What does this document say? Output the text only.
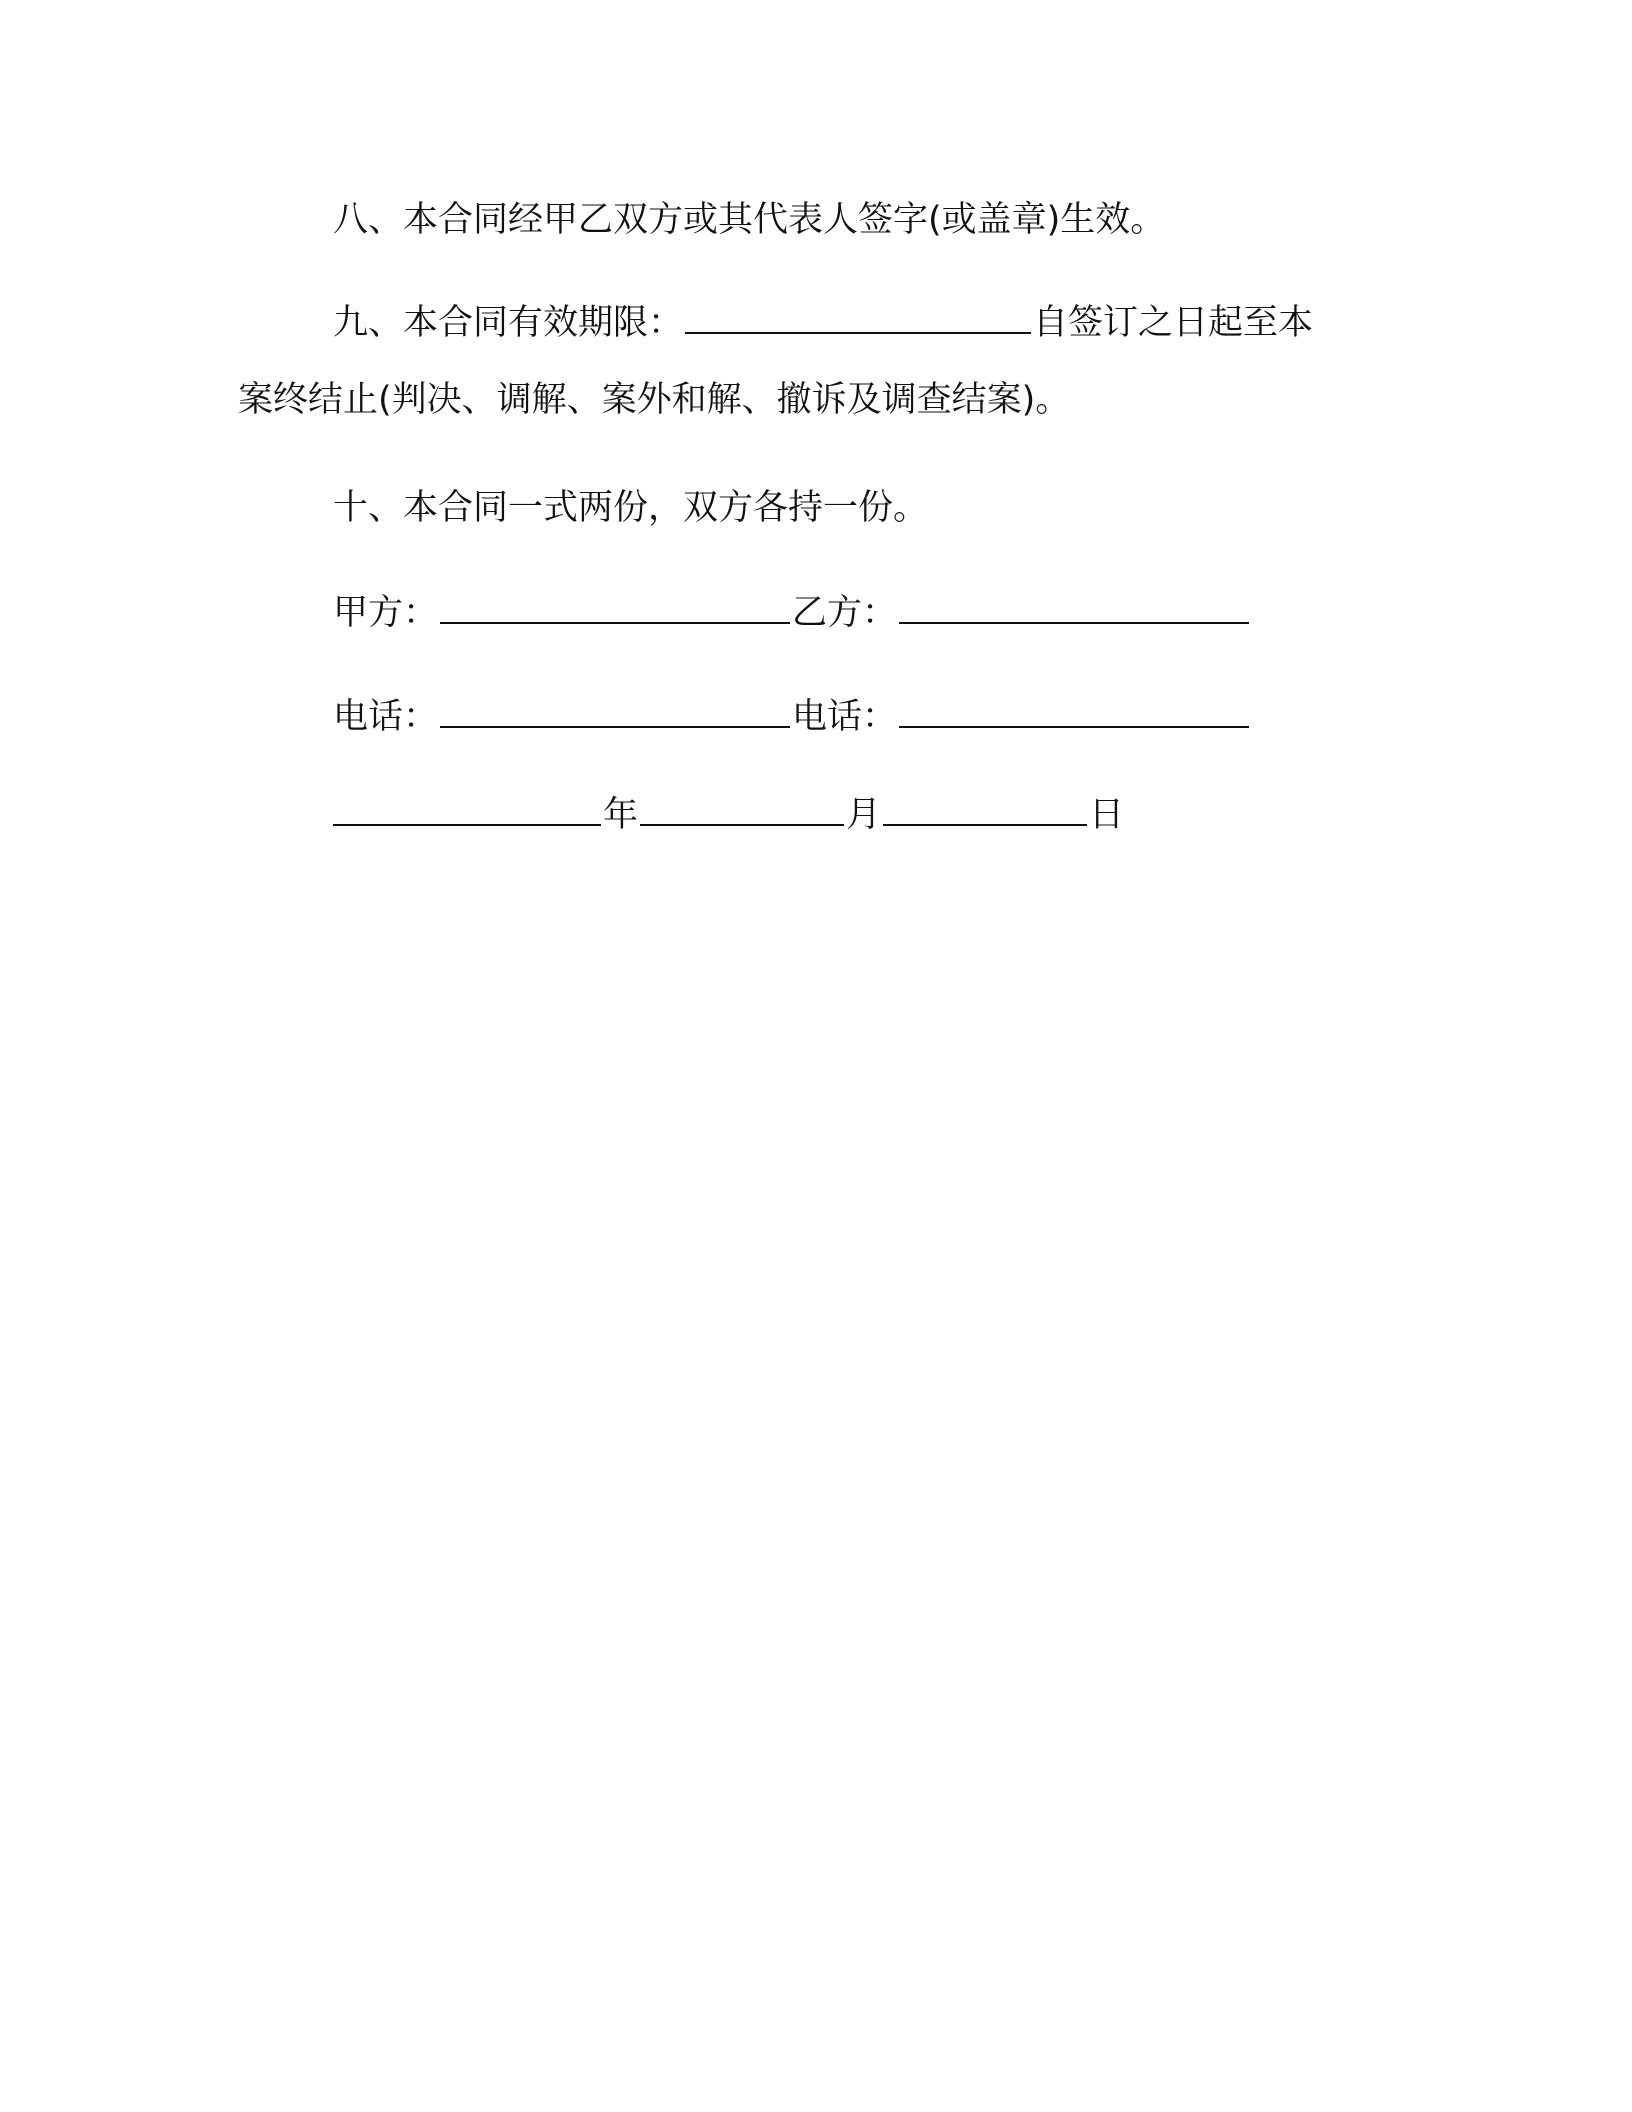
八、本合同经甲乙双方或其代表人签字(或盖章)生效。
九、本合同有效期限：	自签订之日起至本
案终结止(判决、调解、案外和解、撤诉及调查结案)。
十、本合同一式两份，双方各持一份。
甲方：	乙方：
电话：	电话：
年	月	日
